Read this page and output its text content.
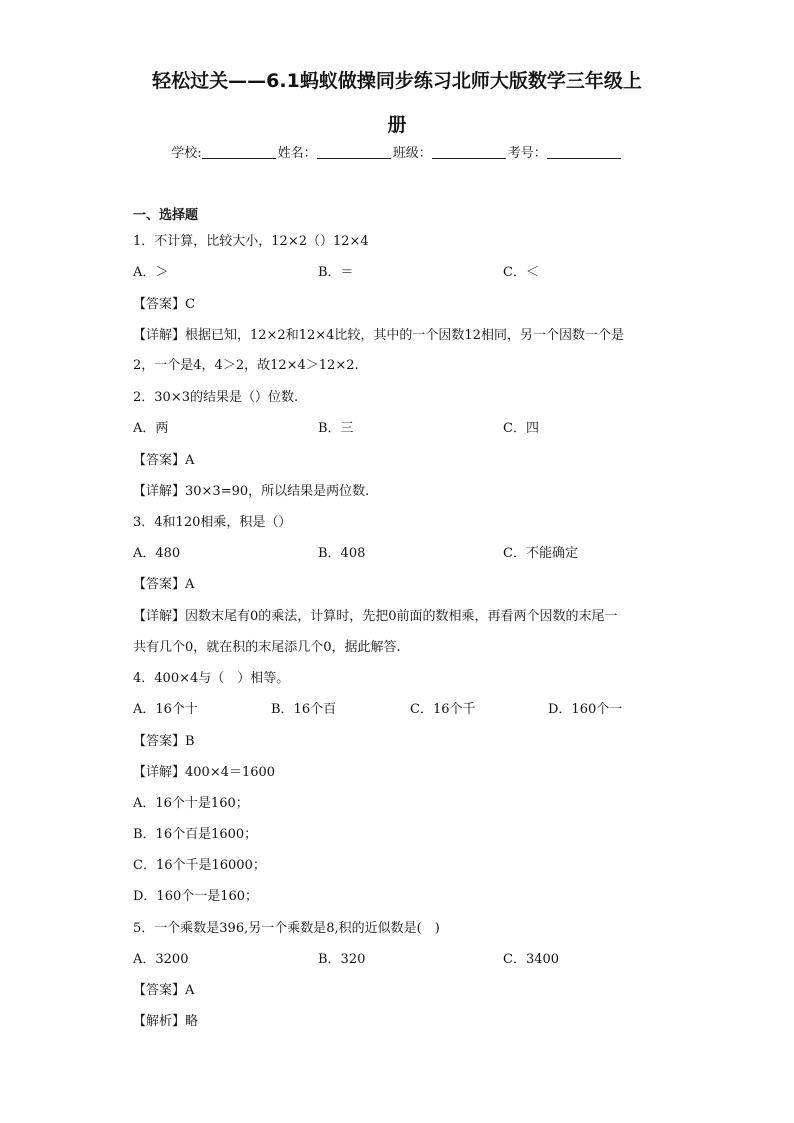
轻松过关——6.1蚂蚁做操同步练习北师大版数学三年级上
册
学校:	姓名：	班级：	考号：
一、选择题
1．不计算，比较大小，12×2（）12×4
A．＞	B．＝	C．＜
【答案】C
【详解】根据已知，12×2和12×4比较，其中的一个因数12相同，另一个因数一个是
2，一个是4，4＞2，故12×4＞12×2.
2．30×3的结果是（）位数.
A．两	B．三	C．四
【答案】A
【详解】30×3=90，所以结果是两位数.
3．4和120相乘，积是（）
A．480	B．408	C．不能确定
【答案】A
【详解】因数末尾有0的乘法，计算时，先把0前面的数相乘，再看两个因数的末尾一
共有几个0，就在积的末尾添几个0，据此解答.
4．400×4与（　）相等。
A．16个十	B．16个百	C．16个千	D．160个一
【答案】B
【详解】400×4＝1600
A．16个十是160；
B．16个百是1600；
C．16个千是16000；
D．160个一是160；
5．一个乘数是396,另一个乘数是8,积的近似数是(　)
A．3200	B．320	C．3400
【答案】A
【解析】略
